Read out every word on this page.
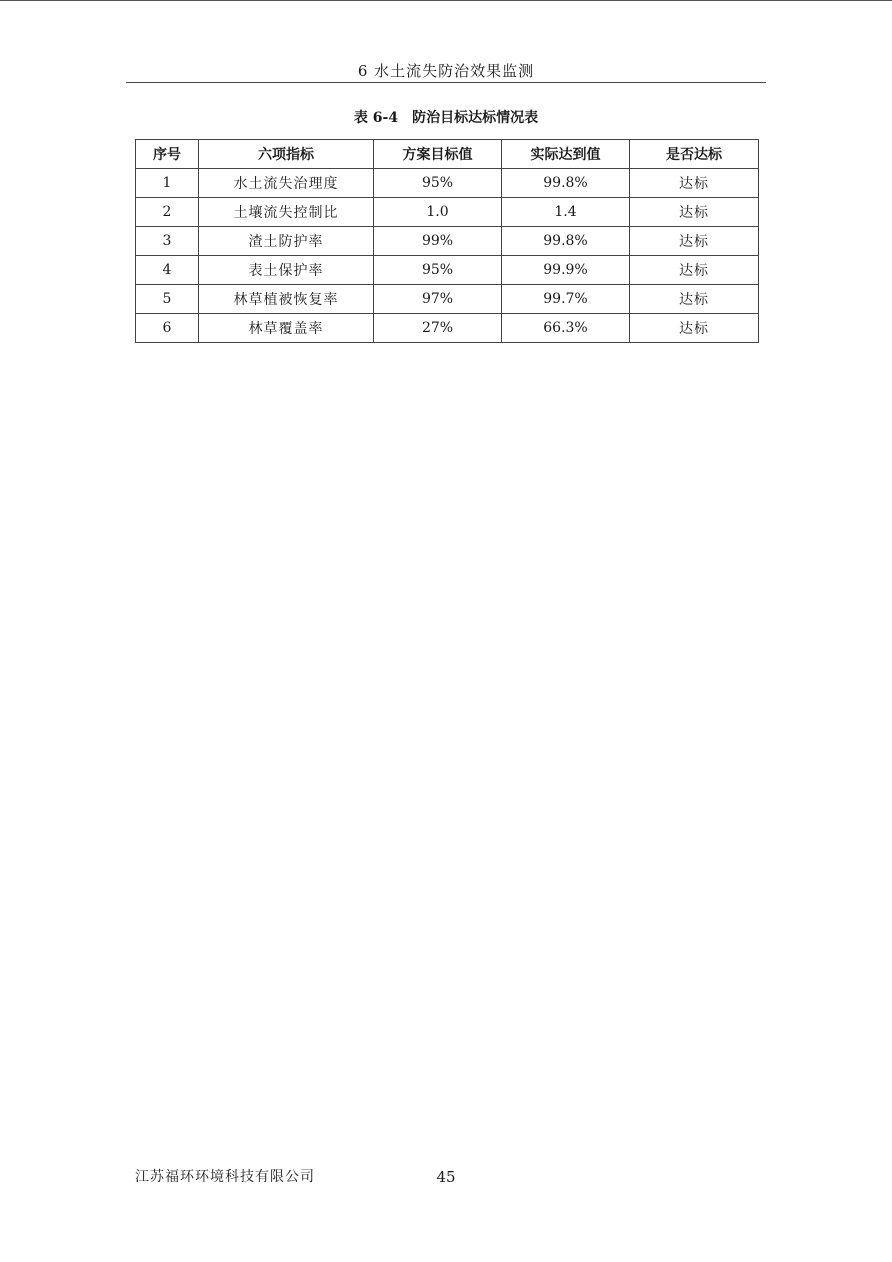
6 水土流失防治效果监测
表 6-4 防治目标达标情况表
序号	六项指标	方案目标值	实际达到值	是否达标
1	水土流失治理度	95%	99.8%	达标
2	土壤流失控制比	1.0	1.4	达标
3	渣土防护率	99%	99.8%	达标
4	表土保护率	95%	99.9%	达标
5	林草植被恢复率	97%	99.7%	达标
6	林草覆盖率	27%	66.3%	达标
江苏福环环境科技有限公司	45
